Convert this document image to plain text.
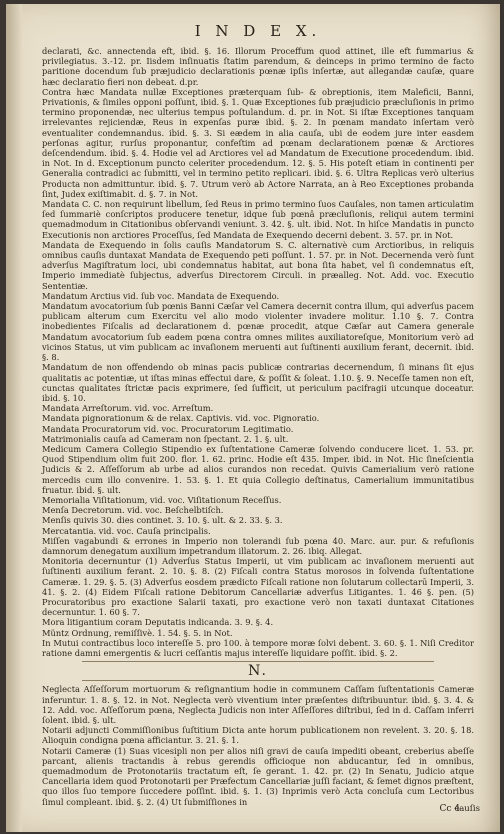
I N D E X.

declarati, &c. annectenda eft, ibid. §. 16. Illorum Proceffum quod attinet, ille eft fummarius & privilegiatus. 3.-12. pr. Iisdem inſinuatis ſtatim parendum, & deinceps in primo termino de facto paritione docendum ſub præjudicio declarationis pœnæ ipſis inſertæ, aut allegandæ cauſæ, quare hæc declaratio fieri non debeat. d.pr.

Contra hæc Mandata nullæ Exceptiones præterquam ſub- & obreptionis, item Maleficii, Banni, Privationis, & ſimiles opponi poſſunt, ibid. §. 1. Quæ Exceptiones ſub præjudicio præcluſionis in primo termino proponendæ, nec ulterius tempus poſtulandum. d. pr. in Not. Si iſtæ Exceptiones tanquam irrelevantes rejiciendæ, Reus in expenſas puræ ibid. §. 2. In pœnam mandato inſertam verò eventualiter condemnandus. ibid. §. 3. Si eædem in alia cauſa, ubi de eodem jure inter easdem perſonas agitur, rurſus proponantur, confeſtim ad pœnam declarationem pœnæ & Arctiores deſcendendum. ibid. §. 4. Hodie vel ad Arctiores vel ad Mandatum de Executione procedendum. ibid. in Not. In d. Exceptionum puncto celeriter procedendum. 12. §. 5. His poteſt etiam in continenti per Generalia contradici ac ſubmitti, vel in termino petito replicari. ibid. §. 6. Ultra Replicas verò ulterius Producta non admittuntur. ibid. §. 7. Utrum verò ab Actore Narrata, an à Reo Exceptiones probanda ſint, Judex exiſtimabit. d. §. 7. in Not.

Mandata C. C. non requirunt libellum, ſed Reus in primo termino ſuos Cauſales, non tamen articulatim ſed ſummariè conſcriptos producere tenetur, idque ſub pœnâ præcluſionis, reliqui autem termini quemadmodum in Citationibus obſervandi veniunt. 3. 42. §. ult. ibid. Not. In hiſce Mandatis in puncto Executionis non arctiores Proceſſus, ſed Mandata de Exequendo decerni debent. 3. 57. pr. in Not.

Mandata de Exequendo in ſolis cauſis Mandatorum S. C. alternativè cum Arctioribus, in reliquis omnibus cauſis duntaxat Mandata de Exequendo peti poſſunt. 1. 57. pr. in Not. Decernenda verò ſunt adverſus Magiſtratum loci, ubi condemnatus habitat, aut bona ſita habet, vel ſi condemnatus eſt, Imperio immediatè ſubjectus, adverſus Directorem Circuli. in præalleg. Not. Add. voc. Executio Sententiæ.

Mandatum Arctius vid. ſub voc. Mandata de Exequendo.

Mandatum avocatorium ſub pœnis Banni Cæſar vel Camera decernit contra illum, qui adverſus pacem publicam alterum cum Exercitu vel alio modo violenter invadere molitur. 1.10 §. 7. Contra inobedientes Fiſcalis ad declarationem d. pœnæ procedit, atque Cæſar aut Camera generale Mandatum avocatorium ſub eadem pœna contra omnes milites auxiliatoreſque, Monitorium verò ad vicinos Status, ut vim publicam ac invaſionem meruenti aut ſuſtinenti auxilium ferant, decernit. ibid. §. 8.

Mandatum de non offendendo ob minas pacis publicæ contrarias decernendum, ſi minans ſit ejus qualitatis ac potentiæ, ut iſtas minas effectui dare, & poſſit & ſoleat. 1.10. §. 9. Neceſſe tamen non eſt, cunctas qualitates ſtrictæ pacis exprimere, ſed ſufficit, ut periculum pacifragii utcunque doceatur. ibid. §. 10.

Mandata Arreſtorum. vid. voc. Arreſtum.

Mandata pignorationum & de relax. Captivis. vid. voc. Pignoratio.

Mandata Procuratorum vid. voc. Procuratorum Legitimatio.

Matrimonialis cauſa ad Cameram non ſpectant. 2. 1. §. ult.

Medicum Camera Collegio Stipendio ex ſuſtentatione Cameræ ſolvendo conducere licet. 1. 53. pr. Quod Stipendium olim fuit 200. flor. 1. 62. princ. Hodie eſt 435. Imper. ibid. in Not. Hic ſineſcientia Judicis & 2. Aſſeſſorum ab urbe ad alios curandos non recedat. Quivis Camerialium verò ratione mercedis cum illo convenire. 1. 53. §. 1. Et quia Collegio deſtinatus, Camerialium immunitatibus fruatur. ibid. §. ult.

Memorialia Viſitationum, vid. voc. Viſitationum Receſſus.

Menſa Decretorum. vid. voc. Beſchelbtiſch.

Menſis quivis 30. dies continet. 3. 10. §. ult. & 2. 33. §. 3.

Mercatantia. vid. voc. Cauſa principalis.

Miſſen vagabundi & errones in Imperio non tolerandi ſub pœna 40. Marc. aur. pur. & refuſionis damnorum denegatum auxilium impetrandum illatorum. 2. 26. ibiq. Allegat.

Monitoria decernuntur (1) Adverſus Status Imperii, ut vim publicam ac invaſionem meruenti aut ſuſtinenti auxilium ferant. 2. 10. §. 8. (2) Fiſcali contra Status morosos in ſolvenda ſuſtentatione Cameræ. 1. 29. §. 5. (3) Adverſus eosdem prædicto Fiſcali ratione non ſolutarum collectarū Imperii, 3. 41. §. 2. (4) Eidem Fiſcali ratione Debitorum Cancellariæ adverſus Litigantes. 1. 46 §. pen. (5) Procuratoribus pro exactione Salarii taxati, pro exactione verò non taxati duntaxat Citationes decernuntur. 1. 60 §. 7.

Mora litigantium coram Deputatis indicanda. 3. 9. §. 4.

Müntz Ordnung, remiſſivè. 1. 54. §. 5. in Not.

In Mutui contractibus loco intereſſe 5. pro 100. à tempore moræ ſolvi debent. 3. 60. §. 1. Niſi Creditor ratione damni emergentis & lucri ceſſantis majus intereſſe liquidare poſſit. ibid. §. 2.

N.

Neglecta Aſſeſſorum mortuorum & reſignantium hodie in communem Caſſam ſuſtentationis Cameræ inferuntur. 1. 8. §. 12. in Not. Neglecta verò viventium inter præſentes diſtribuuntur. ibid. §. 3. 4. & 12. Add. voc. Aſſeſſorum pœna, Neglecta Judicis non inter Aſſeſſores diſtribui, ſed in d. Caſſam inferri ſolent. ibid. §. ult.

Notarii adjuncti Commiſſionibus ſuſtitium Dicta ante horum publicationem non revelent. 3. 20. §. 18. Alioquin condigna pœna afficiantur. 3. 21. §. 1.

Notarii Cameræ (1) Suas vicesipli non per alios niſi gravi de cauſa impediti obeant, creberius abeſſe parcant, alienis tractandis à rebus gerendis officioque non abducantur, ſed in omnibus, quemadmodum de Protonotariis tractatum eſt, ſe gerant. 1. 42. pr. (2) In Senatu, Judicio atque Cancellaria idem quod Protonotarii per Præfectum Cancellariæ juſſi faciant, & ſemet dignos præſtent, quo illos ſuo tempore ſuccedere poſſint. ibid. §. 1. (3) Inprimis verò Acta concluſa cum Lectoribus ſimul compleant. ibid. §. 2. (4) Ut ſubmiſſiones in

Cc 4
cauſis
